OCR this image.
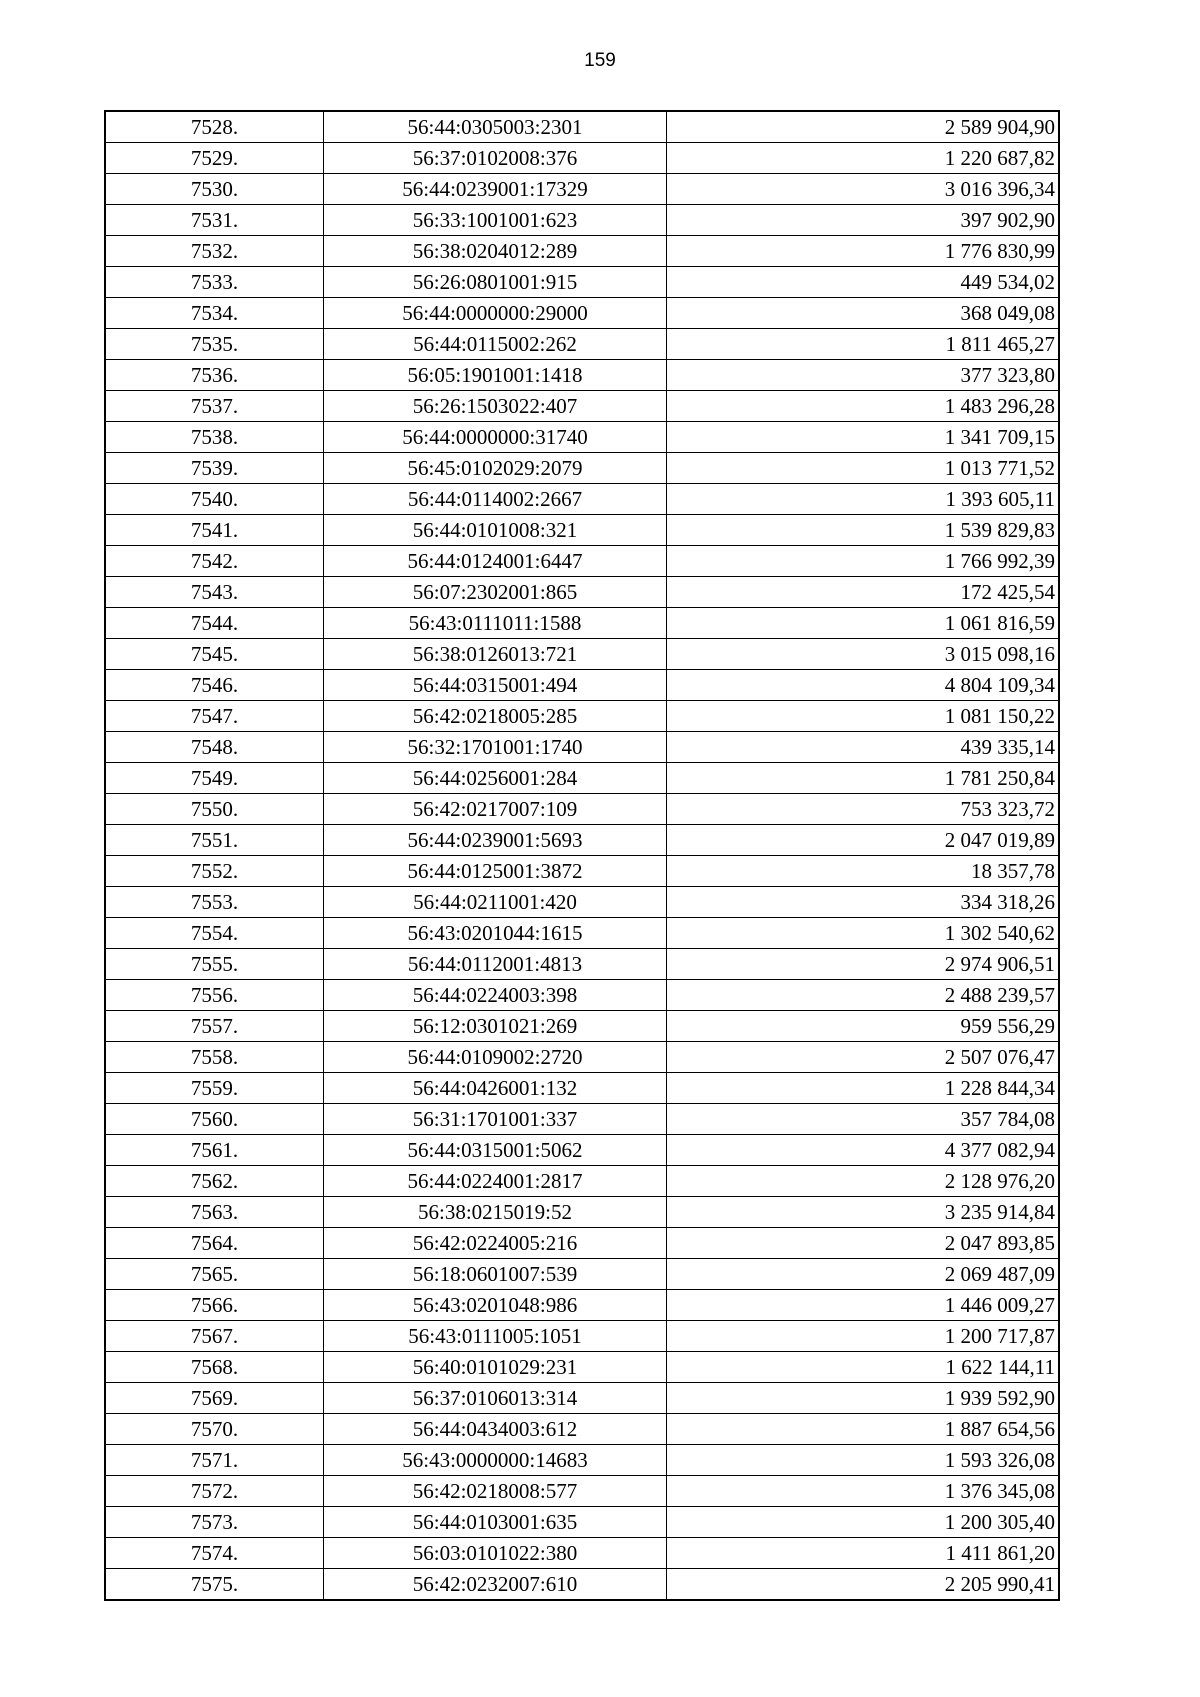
159
7528.	56:44:0305003:2301	2 589 904,90
7529.	56:37:0102008:376	1 220 687,82
7530.	56:44:0239001:17329	3 016 396,34
7531.	56:33:1001001:623	397 902,90
7532.	56:38:0204012:289	1 776 830,99
7533.	56:26:0801001:915	449 534,02
7534.	56:44:0000000:29000	368 049,08
7535.	56:44:0115002:262	1 811 465,27
7536.	56:05:1901001:1418	377 323,80
7537.	56:26:1503022:407	1 483 296,28
7538.	56:44:0000000:31740	1 341 709,15
7539.	56:45:0102029:2079	1 013 771,52
7540.	56:44:0114002:2667	1 393 605,11
7541.	56:44:0101008:321	1 539 829,83
7542.	56:44:0124001:6447	1 766 992,39
7543.	56:07:2302001:865	172 425,54
7544.	56:43:0111011:1588	1 061 816,59
7545.	56:38:0126013:721	3 015 098,16
7546.	56:44:0315001:494	4 804 109,34
7547.	56:42:0218005:285	1 081 150,22
7548.	56:32:1701001:1740	439 335,14
7549.	56:44:0256001:284	1 781 250,84
7550.	56:42:0217007:109	753 323,72
7551.	56:44:0239001:5693	2 047 019,89
7552.	56:44:0125001:3872	18 357,78
7553.	56:44:0211001:420	334 318,26
7554.	56:43:0201044:1615	1 302 540,62
7555.	56:44:0112001:4813	2 974 906,51
7556.	56:44:0224003:398	2 488 239,57
7557.	56:12:0301021:269	959 556,29
7558.	56:44:0109002:2720	2 507 076,47
7559.	56:44:0426001:132	1 228 844,34
7560.	56:31:1701001:337	357 784,08
7561.	56:44:0315001:5062	4 377 082,94
7562.	56:44:0224001:2817	2 128 976,20
7563.	56:38:0215019:52	3 235 914,84
7564.	56:42:0224005:216	2 047 893,85
7565.	56:18:0601007:539	2 069 487,09
7566.	56:43:0201048:986	1 446 009,27
7567.	56:43:0111005:1051	1 200 717,87
7568.	56:40:0101029:231	1 622 144,11
7569.	56:37:0106013:314	1 939 592,90
7570.	56:44:0434003:612	1 887 654,56
7571.	56:43:0000000:14683	1 593 326,08
7572.	56:42:0218008:577	1 376 345,08
7573.	56:44:0103001:635	1 200 305,40
7574.	56:03:0101022:380	1 411 861,20
7575.	56:42:0232007:610	2 205 990,41
